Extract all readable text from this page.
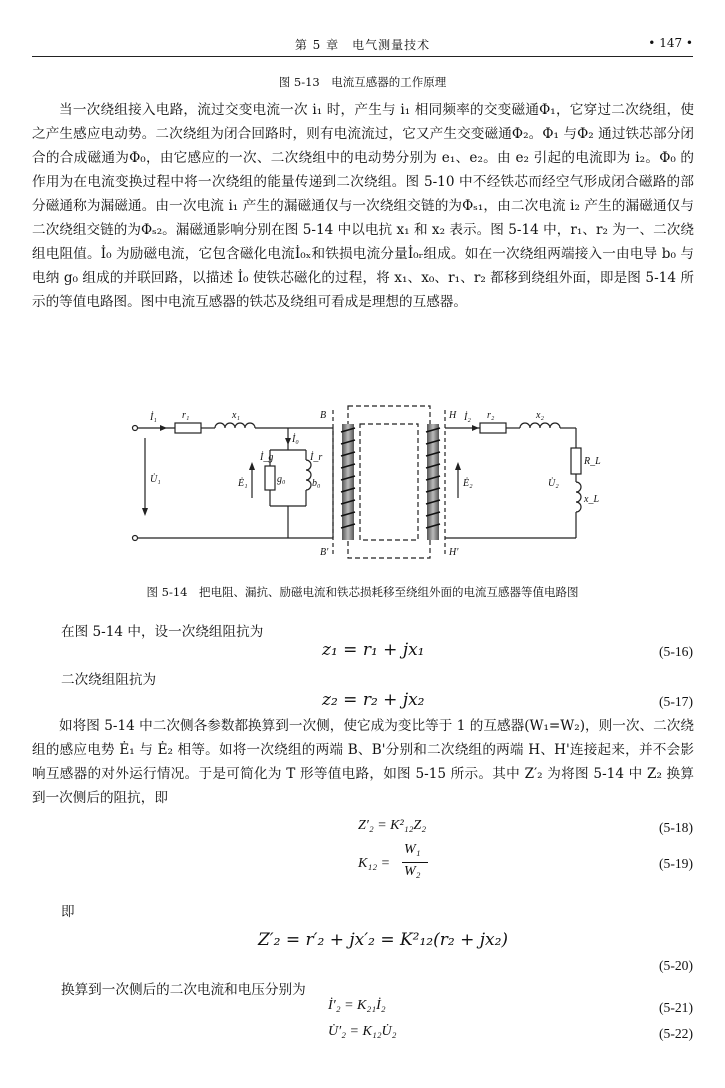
第 5 章　电气测量技术	• 147 •
图 5-13　电流互感器的工作原理

当一次绕组接入电路，流过交变电流一次 i₁ 时，产生与 i₁ 相同频率的交变磁通Φ₁，它穿过二次绕组，使之产生感应电动势。二次绕组为闭合回路时，则有电流流过，它又产生交变磁通Φ₂。Φ₁ 与Φ₂ 通过铁芯部分闭合的合成磁通为Φ₀，由它感应的一次、二次绕组中的电动势分别为 e₁、e₂。由 e₂ 引起的电流即为 i₂。Φ₀ 的作用为在电流变换过程中将一次绕组的能量传递到二次绕组。图 5-10 中不经铁芯而经空气形成闭合磁路的部分磁通称为漏磁通。由一次电流 i₁ 产生的漏磁通仅与一次绕组交链的为Φₛ₁，由二次电流 i₂ 产生的漏磁通仅与二次绕组交链的为Φₛ₂。漏磁通影响分别在图 5-14 中以电抗 x₁ 和 x₂ 表示。图 5-14 中，r₁、r₂ 为一、二次绕组电阻值。İ₀ 为励磁电流，它包含磁化电流İ₀ₓ和铁损电流分量İ₀ᵣ组成。如在一次绕组两端接入一由电导 b₀ 与电纳 g₀ 组成的并联回路，以描述 İ₀ 使铁芯磁化的过程，将 x₁、x₀、r₁、r₂ 都移到绕组外面，即是图 5-14 所示的等值电路图。图中电流互感器的铁芯及绕组可看成是理想的互感器。

B
B'
H
H'
İ₁	r₁	x₁
İ₀
İ_g	İ_r
g₀	b₀
U̇₁	Ė₁	Ė₂
İ₂ r₂	x₂
R_L
x_L
U̇₂
图 5-14　把电阻、漏抗、励磁电流和铁芯损耗移至绕组外面的电流互感器等值电路图
在图 5-14 中，设一次绕组阻抗为
z₁ = r₁ + jx₁	(5-16)
二次绕组阻抗为
z₂ = r₂ + jx₂	(5-17)

如将图 5-14 中二次侧各参数都换算到一次侧，使它成为变比等于 1 的互感器(W₁=W₂)，则一次、二次绕组的感应电势 Ė₁ 与 Ė₂ 相等。如将一次绕组的两端 B、B'分别和二次绕组的两端 H、H'连接起来，并不会影响互感器的对外运行情况。于是可简化为 T 形等值电路，如图 5-15 所示。其中 Z′₂ 为将图 5-14 中 Z₂ 换算到一次侧后的阻抗，即

Z′₂ = K²₁₂Z₂	(5-18)
K₁₂ =
W₁
W₂
(5-19)
即
Z′₂ = r′₂ + jx′₂ = K²₁₂(r₂ + jx₂)
(5-20)
换算到一次侧后的二次电流和电压分别为
İ′₂ = K₂₁İ₂	(5-21)
U̇′₂ = K₁₂U̇₂	(5-22)
